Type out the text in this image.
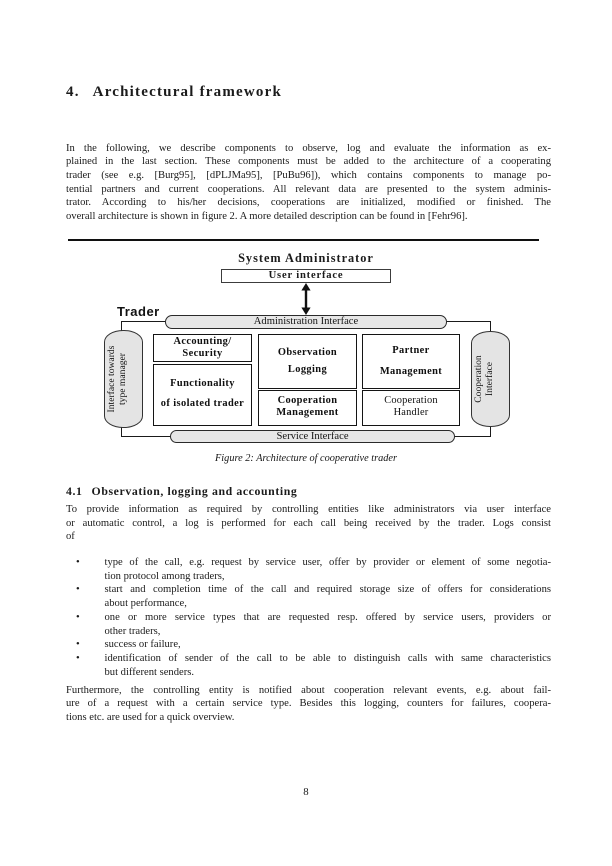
4. Architectural framework
In the following, we describe components to observe, log and evaluate the information as ex-
plained in the last section. These components must be added to the architecture of a cooperating
trader (see e.g. [Burg95], [dPLJMa95], [PuBu96]), which contains components to manage po-
tential partners and current cooperations. All relevant data are presented to the system adminis-
trator. According to his/her decisions, cooperations are initialized, modified or finished. The
overall architecture is shown in figure 2. A more detailed description can be found in [Fehr96].
System Administrator
User interface
Trader
Administration Interface
Interface towards type manager	Cooperation Interface
Accounting/
Security
Functionality
of isolated trader
Observation
Logging
Cooperation
Management
Partner
Management
Cooperation
Handler
Service Interface
Figure 2: Architecture of cooperative trader
4.1 Observation, logging and accounting
To provide information as required by controlling entities like administrators via user interface
or automatic control, a log is performed for each call being received by the trader. Logs consist
of
• type of the call, e.g. request by service user, offer by provider or element of some negotia-
tion protocol among traders,
• start and completion time of the call and required storage size of offers for considerations
about performance,
• one or more service types that are requested resp. offered by service users, providers or
other traders,
• success or failure,
• identification of sender of the call to be able to distinguish calls with same characteristics
but different senders.
Furthermore, the controlling entity is notified about cooperation relevant events, e.g. about fail-
ure of a request with a certain service type. Besides this logging, counters for failures, coopera-
tions etc. are used for a quick overview.
8
